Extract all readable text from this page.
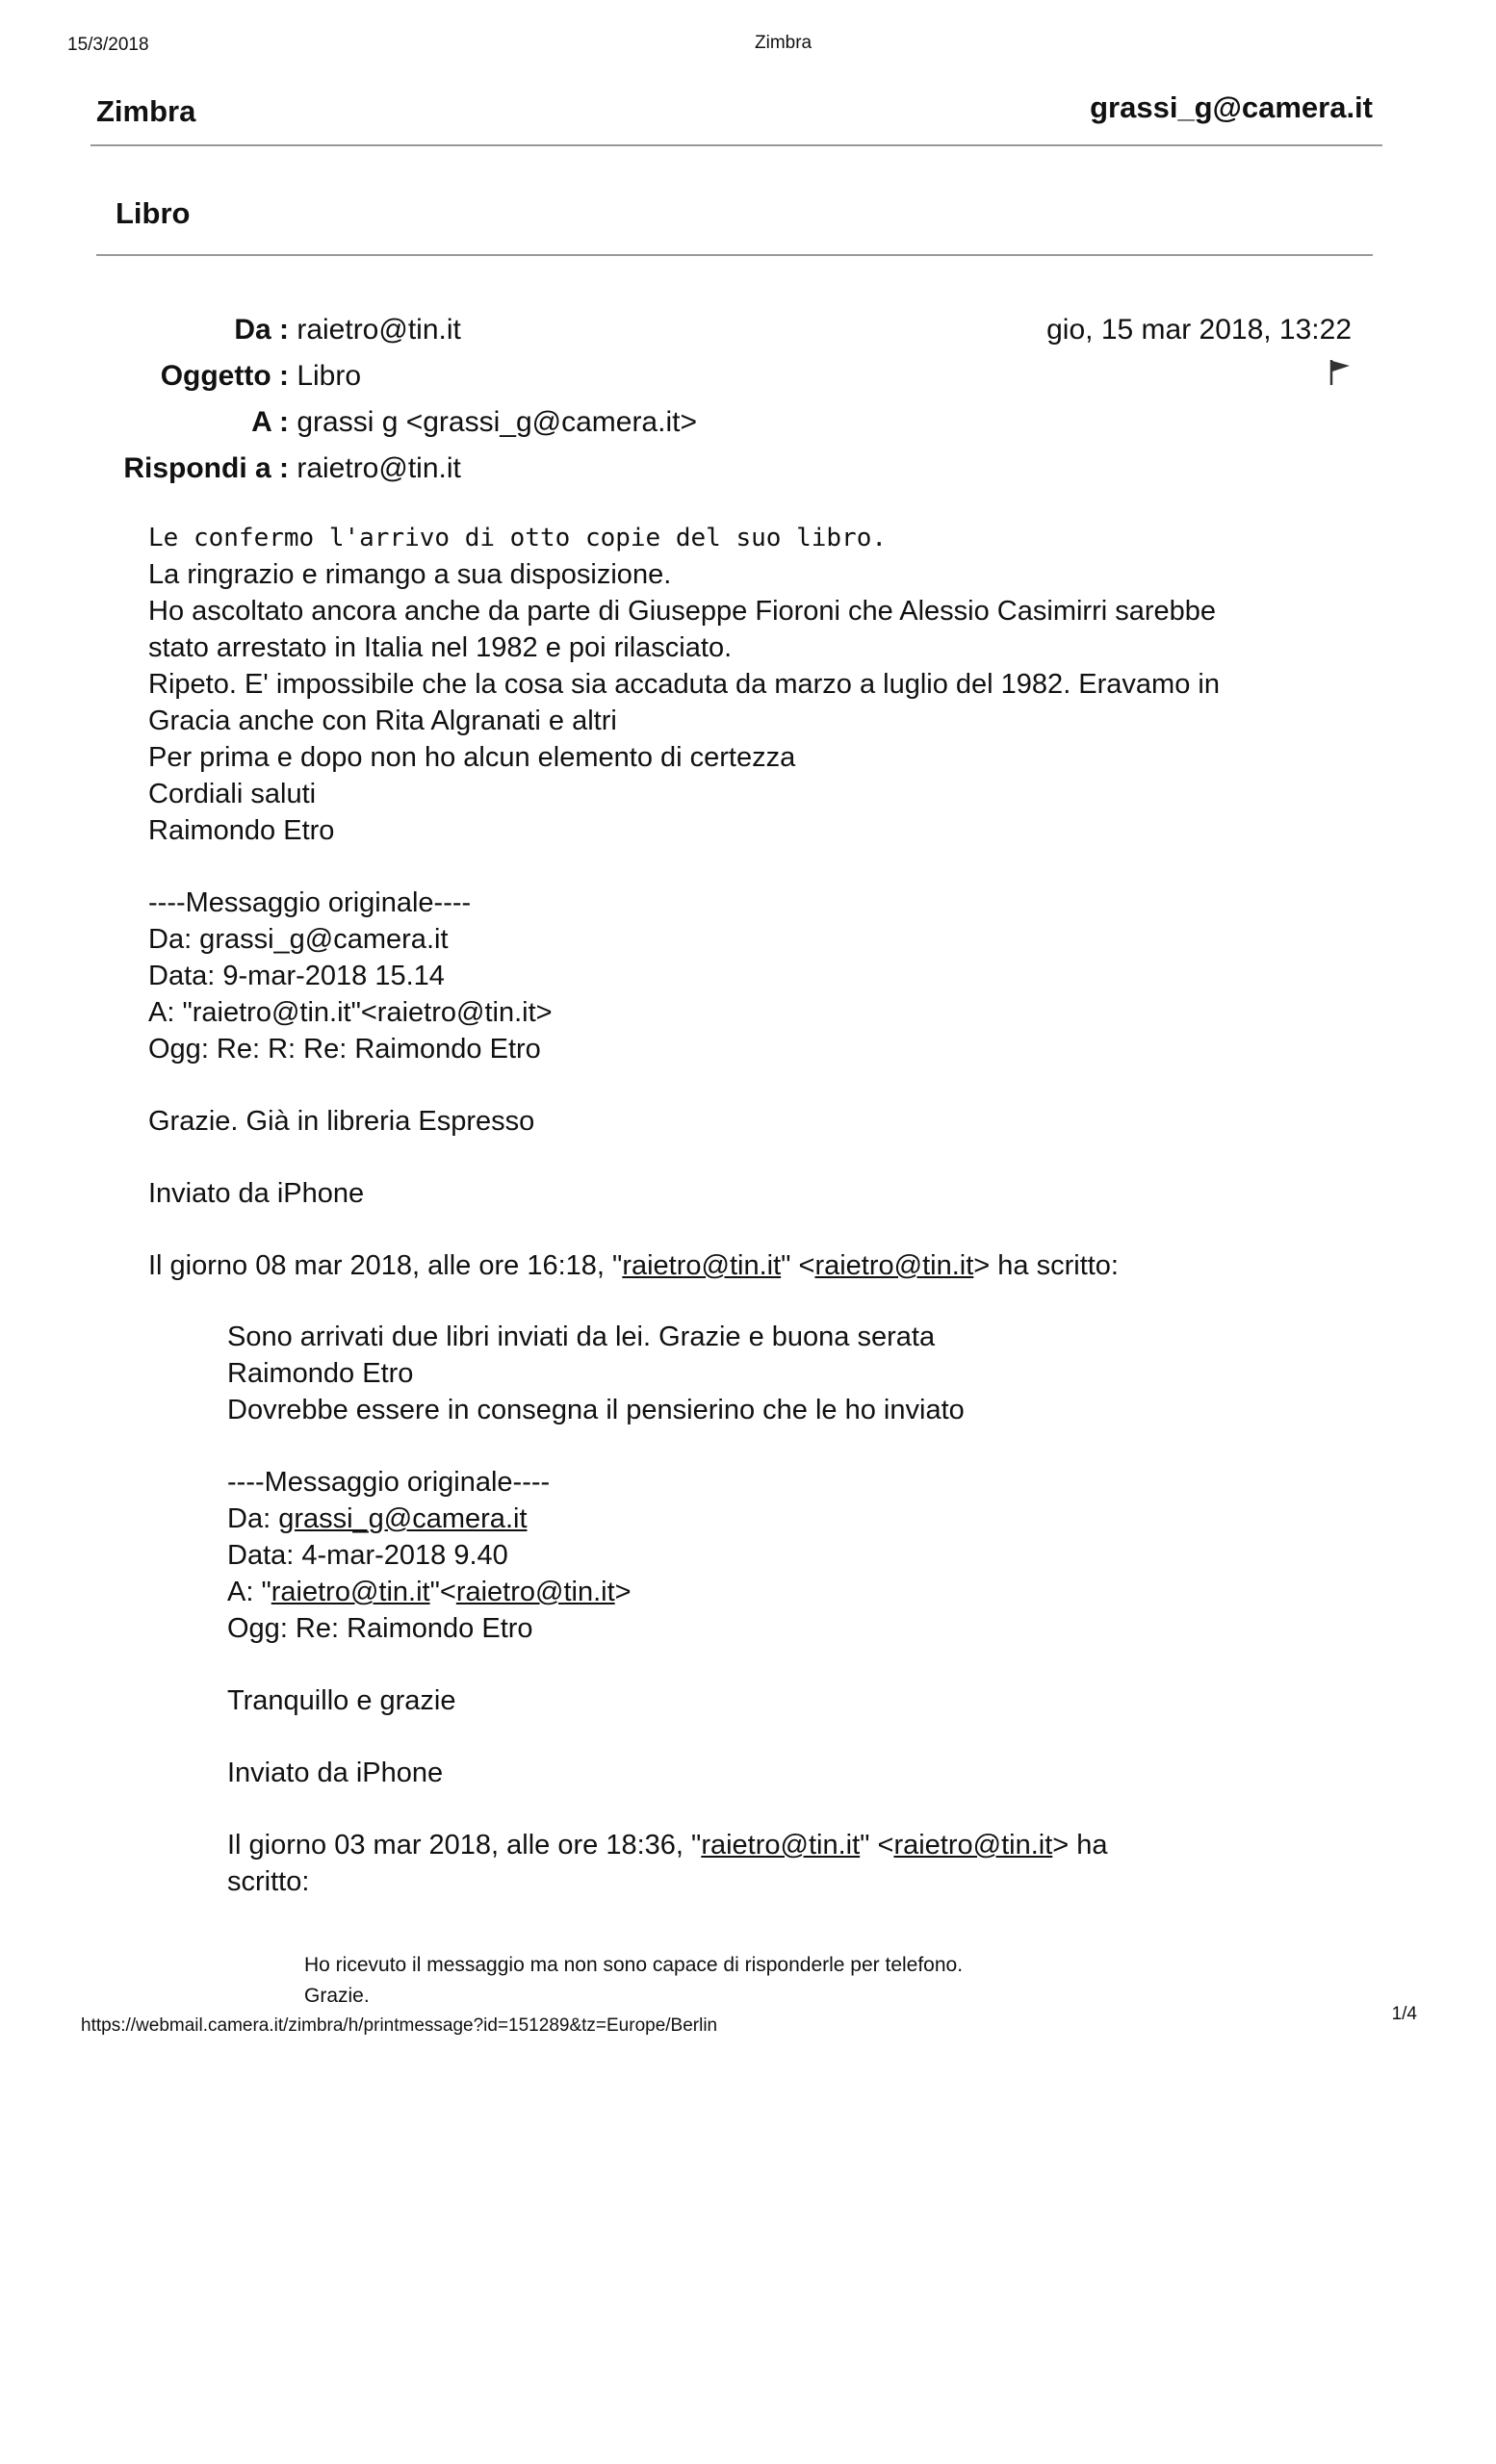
15/3/2018	Zimbra
Zimbra	grassi_g@camera.it
Libro
Da : raietro@tin.it
Oggetto : Libro
A : grassi g <grassi_g@camera.it>
Rispondi a : raietro@tin.it
gio, 15 mar 2018, 13:22
Le confermo l'arrivo di otto copie del suo libro.
La ringrazio e rimango a sua disposizione.
Ho ascoltato ancora anche da parte di Giuseppe Fioroni che Alessio Casimirri sarebbe
stato arrestato in Italia nel 1982 e poi rilasciato.
Ripeto. E' impossibile che la cosa sia accaduta da marzo a luglio del 1982. Eravamo in
Gracia anche con Rita Algranati e altri
Per prima e dopo non ho alcun elemento di certezza
Cordiali saluti
Raimondo Etro
----Messaggio originale----
Da: grassi_g@camera.it
Data: 9-mar-2018 15.14
A: "raietro@tin.it"<raietro@tin.it>
Ogg: Re: R: Re: Raimondo Etro
Grazie. Già in libreria Espresso
Inviato da iPhone
Il giorno 08 mar 2018, alle ore 16:18, "raietro@tin.it" <raietro@tin.it> ha scritto:
Sono arrivati due libri inviati da lei. Grazie e buona serata
Raimondo Etro
Dovrebbe essere in consegna il pensierino che le ho inviato
----Messaggio originale----
Da: grassi_g@camera.it
Data: 4-mar-2018 9.40
A: "raietro@tin.it"<raietro@tin.it>
Ogg: Re: Raimondo Etro
Tranquillo e grazie
Inviato da iPhone
Il giorno 03 mar 2018, alle ore 18:36, "raietro@tin.it" <raietro@tin.it> ha
scritto:
Ho ricevuto il messaggio ma non sono capace di risponderle per telefono.
Grazie.
https://webmail.camera.it/zimbra/h/printmessage?id=151289&tz=Europe/Berlin
1/4
